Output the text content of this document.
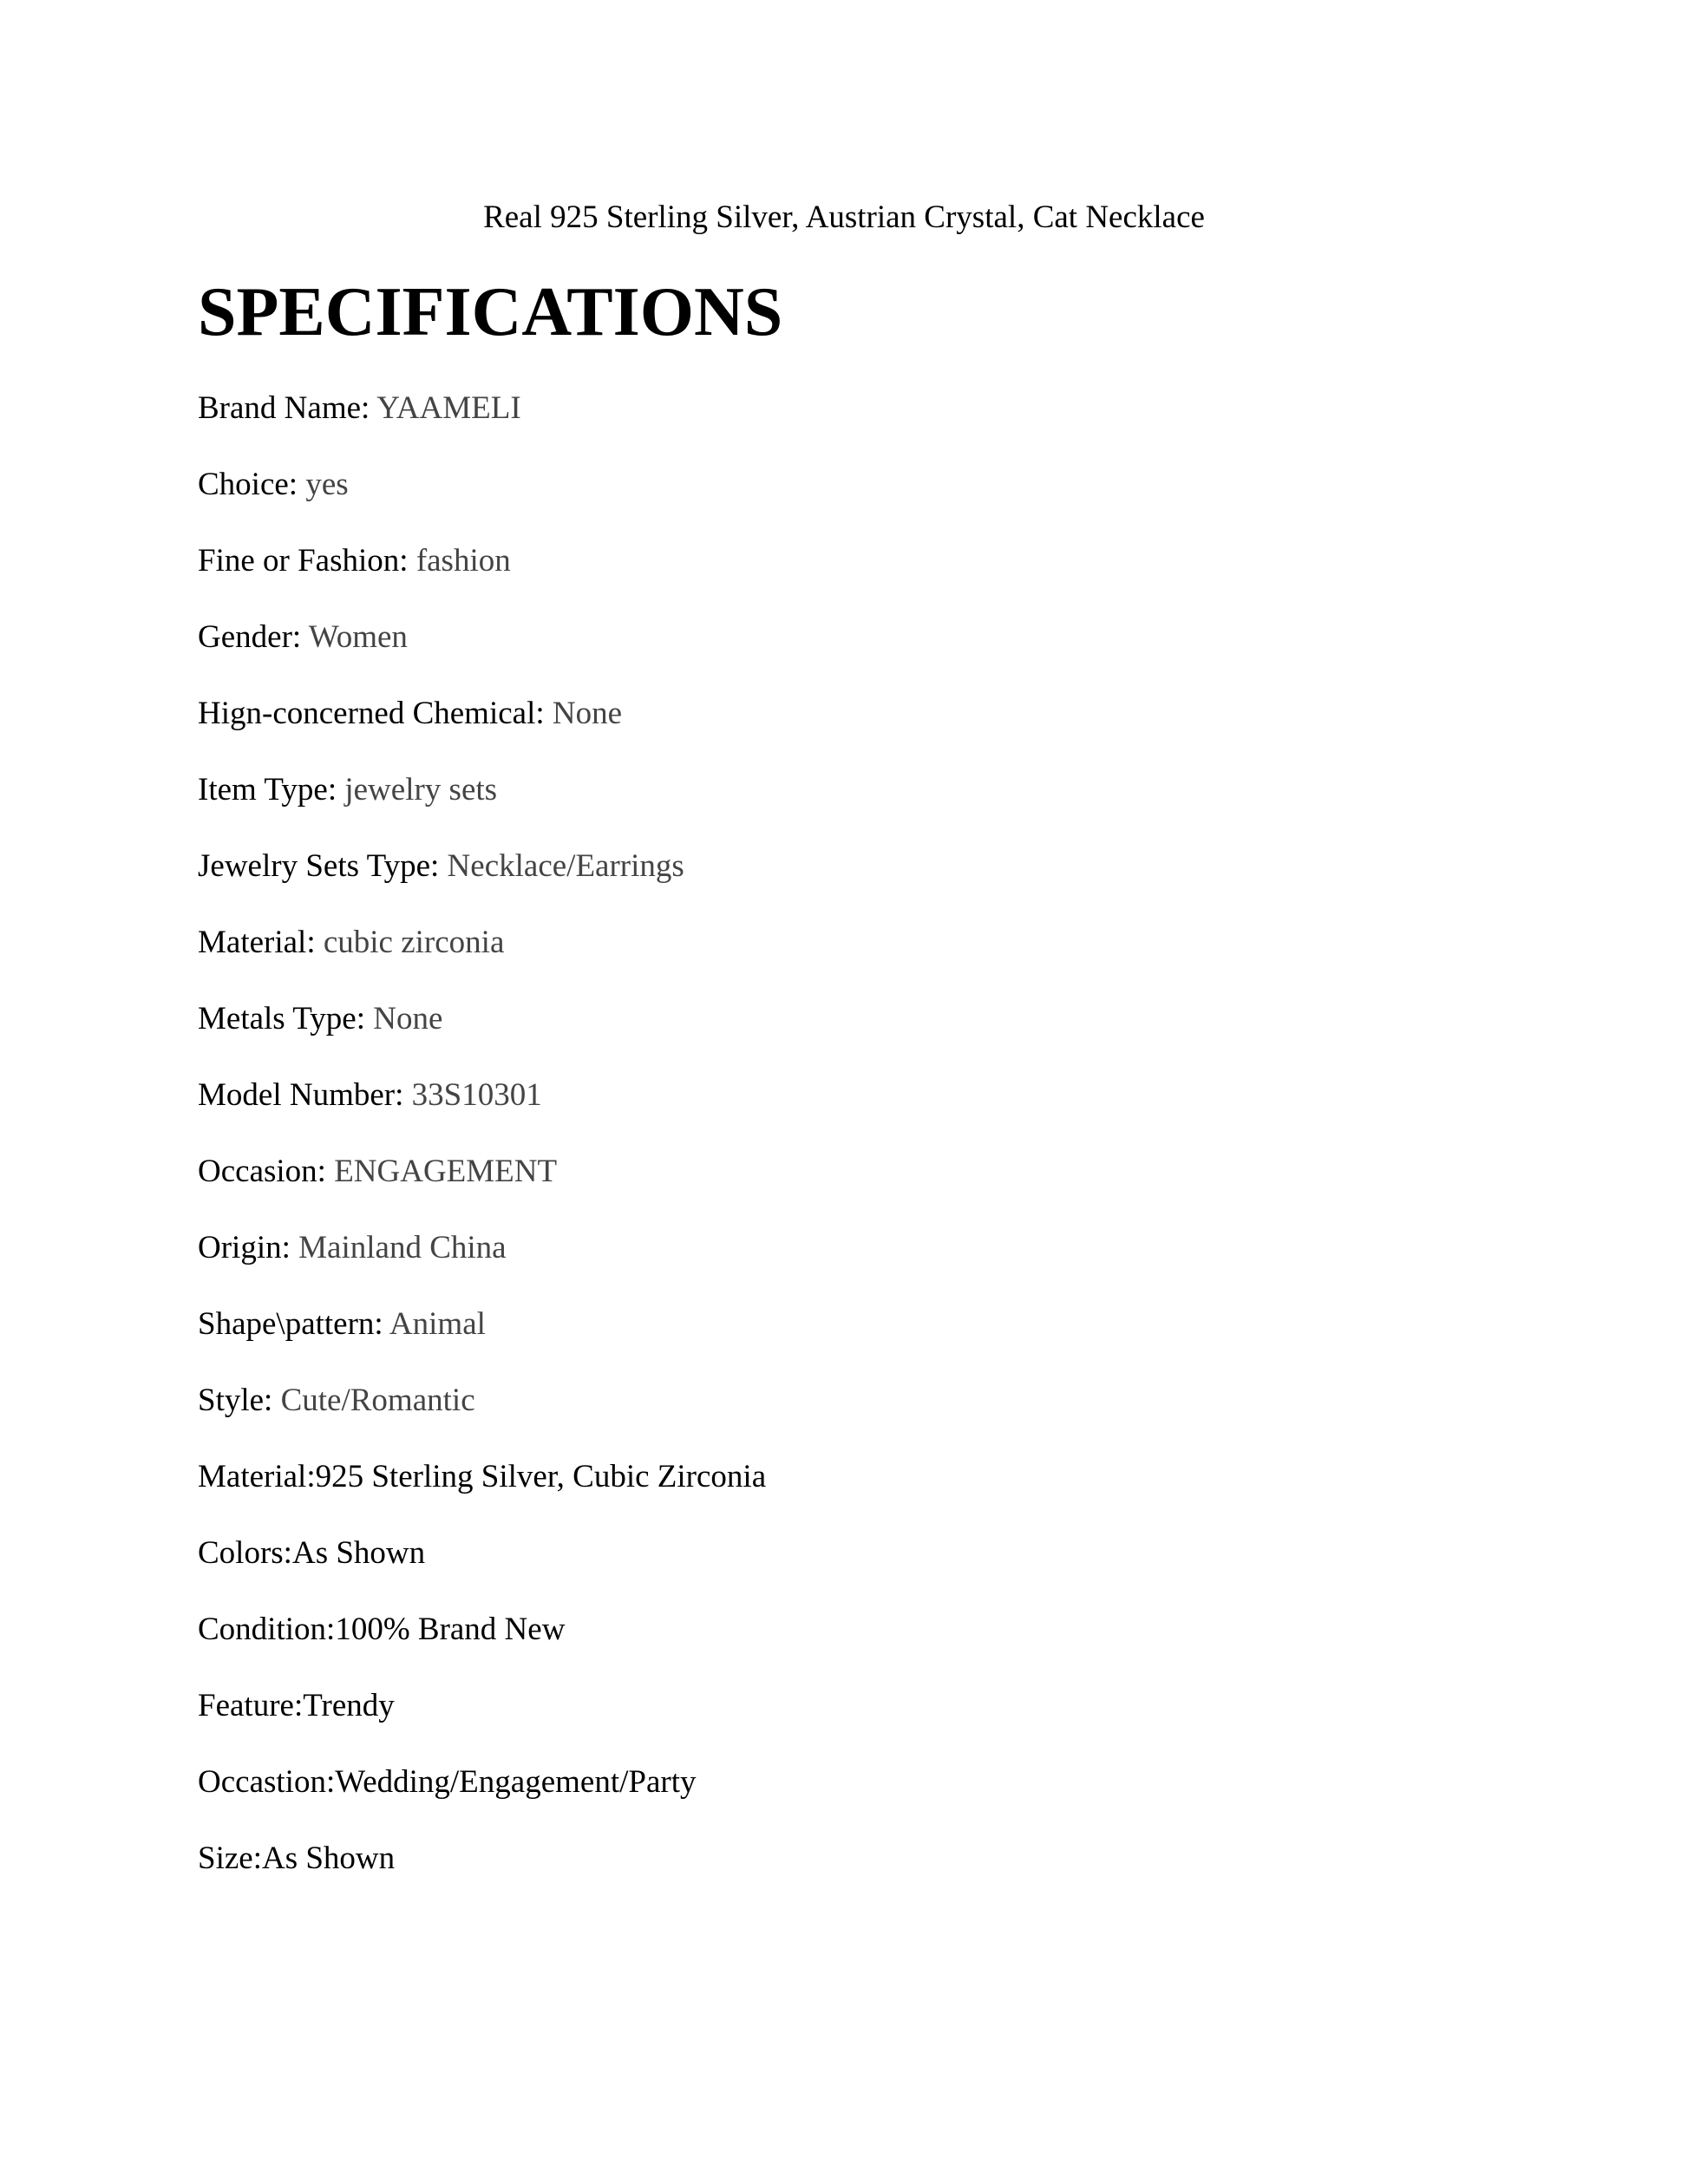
Real 925 Sterling Silver, Austrian Crystal, Cat Necklace
SPECIFICATIONS
Brand Name: YAAMELI
Choice: yes
Fine or Fashion: fashion
Gender: Women
Hign-concerned Chemical: None
Item Type: jewelry sets
Jewelry Sets Type: Necklace/Earrings
Material: cubic zirconia
Metals Type: None
Model Number: 33S10301
Occasion: ENGAGEMENT
Origin: Mainland China
Shape\pattern: Animal
Style: Cute/Romantic
Material:925 Sterling Silver, Cubic Zirconia
Colors:As Shown
Condition:100% Brand New
Feature:Trendy
Occastion:Wedding/Engagement/Party
Size:As Shown
